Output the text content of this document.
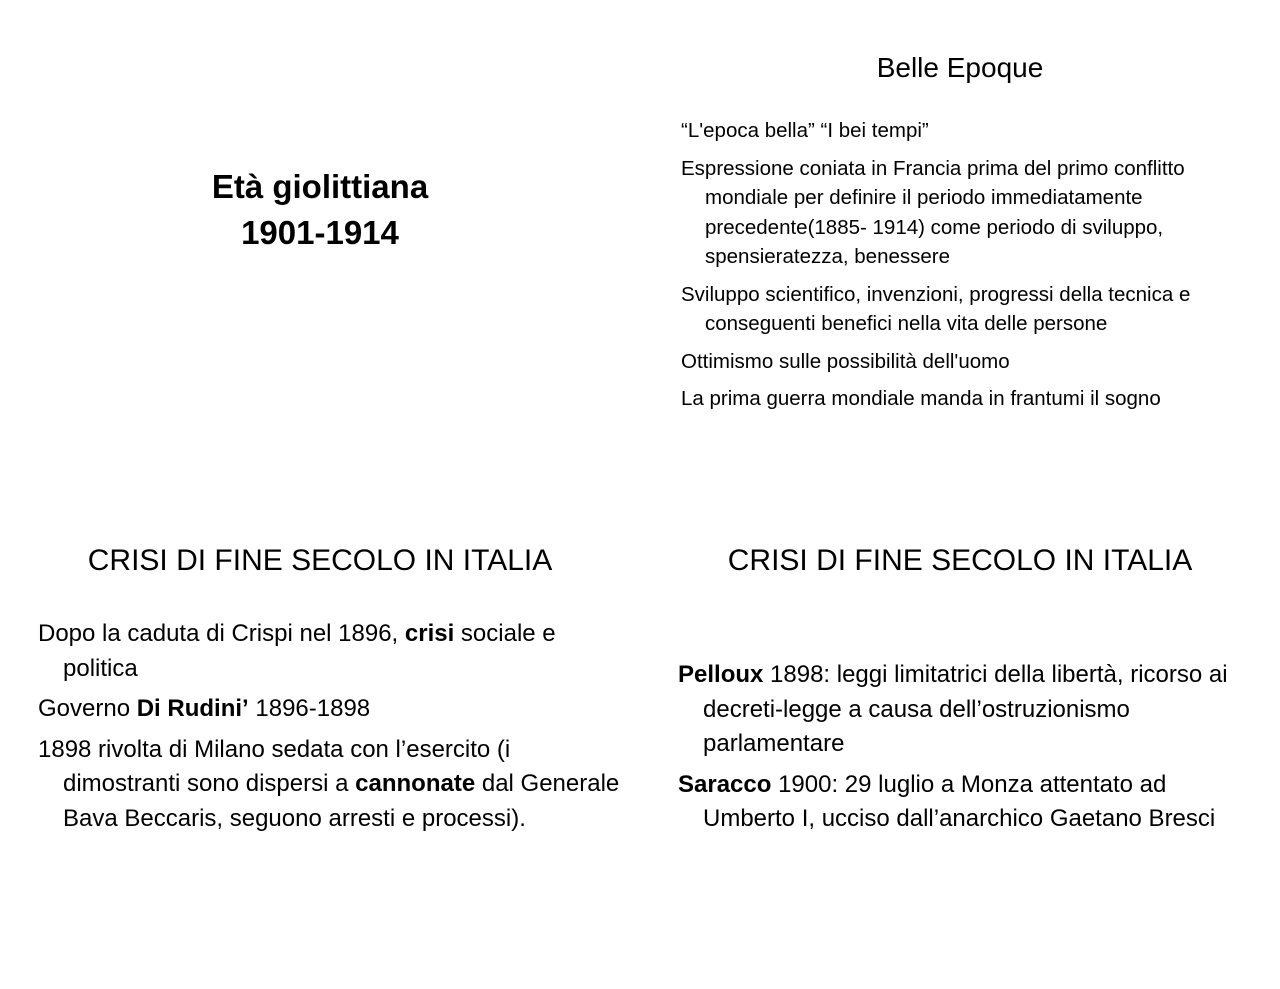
Età giolittiana
1901-1914
Belle Epoque
“L'epoca bella” “I bei tempi”
Espressione coniata in Francia prima del primo conflitto mondiale per definire il periodo immediatamente precedente(1885- 1914) come periodo di sviluppo, spensieratezza, benessere
Sviluppo scientifico, invenzioni, progressi della tecnica e conseguenti benefici nella vita delle persone
Ottimismo sulle possibilità dell'uomo
La prima guerra mondiale manda in frantumi il sogno
CRISI DI FINE SECOLO IN ITALIA
Dopo la caduta di Crispi nel 1896, crisi sociale e politica
Governo Di Rudini’ 1896-1898
1898 rivolta di Milano sedata con l’esercito (i dimostranti sono dispersi a cannonate dal Generale Bava Beccaris, seguono arresti e processi).
CRISI DI FINE SECOLO IN ITALIA
Pelloux 1898: leggi limitatrici della libertà, ricorso ai decreti-legge a causa dell’ostruzionismo parlamentare
Saracco 1900: 29 luglio a Monza attentato ad Umberto I, ucciso dall’anarchico Gaetano Bresci
